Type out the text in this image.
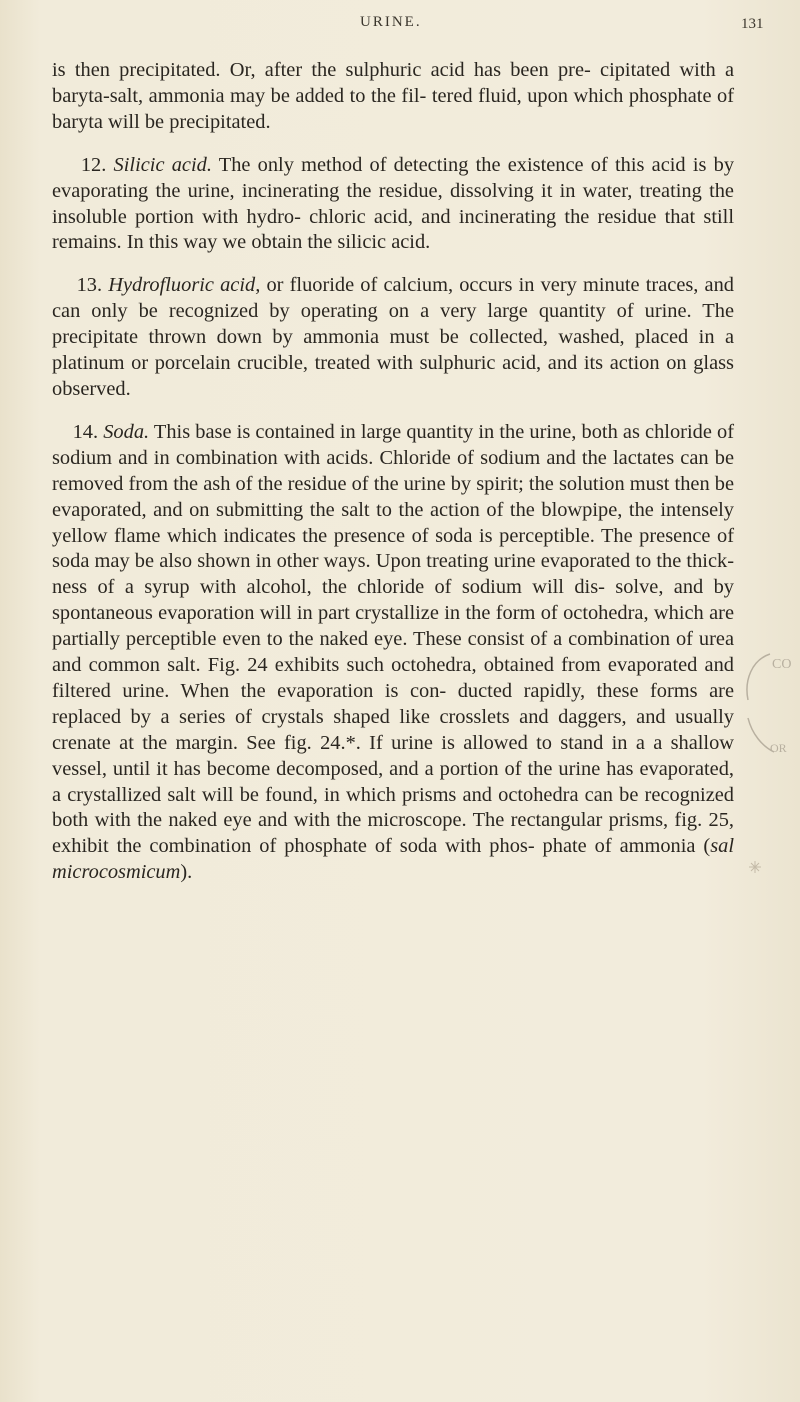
URINE.	131

is then precipitated. Or, after the sulphuric acid has been pre- cipitated with a baryta-salt, ammonia may be added to the fil- tered fluid, upon which phosphate of baryta will be precipitated.

12. Silicic acid. The only method of detecting the existence of this acid is by evaporating the urine, incinerating the residue, dissolving it in water, treating the insoluble portion with hydro- chloric acid, and incinerating the residue that still remains. In this way we obtain the silicic acid.

13. Hydrofluoric acid, or fluoride of calcium, occurs in very minute traces, and can only be recognized by operating on a very large quantity of urine. The precipitate thrown down by ammonia must be collected, washed, placed in a platinum or porcelain crucible, treated with sulphuric acid, and its action on glass observed.

14. Soda. This base is contained in large quantity in the urine, both as chloride of sodium and in combination with acids. Chloride of sodium and the lactates can be removed from the ash of the residue of the urine by spirit; the solution must then be evaporated, and on submitting the salt to the action of the blowpipe, the intensely yellow flame which indicates the presence of soda is perceptible. The presence of soda may be also shown in other ways. Upon treating urine evaporated to the thick- ness of a syrup with alcohol, the chloride of sodium will dis- solve, and by spontaneous evaporation will in part crystallize in the form of octohedra, which are partially perceptible even to the naked eye. These consist of a combination of urea and common salt. Fig. 24 exhibits such octohedra, obtained from evaporated and filtered urine. When the evaporation is con- ducted rapidly, these forms are replaced by a series of crystals shaped like crosslets and daggers, and usually crenate at the margin. See fig. 24.*. If urine is allowed to stand in a a shallow vessel, until it has become decomposed, and a portion of the urine has evaporated, a crystallized salt will be found, in which prisms and octohedra can be recognized both with the naked eye and with the microscope. The rectangular prisms, fig. 25, exhibit the combination of phosphate of soda with phos- phate of ammonia (sal microcosmicum).

CO
OR
